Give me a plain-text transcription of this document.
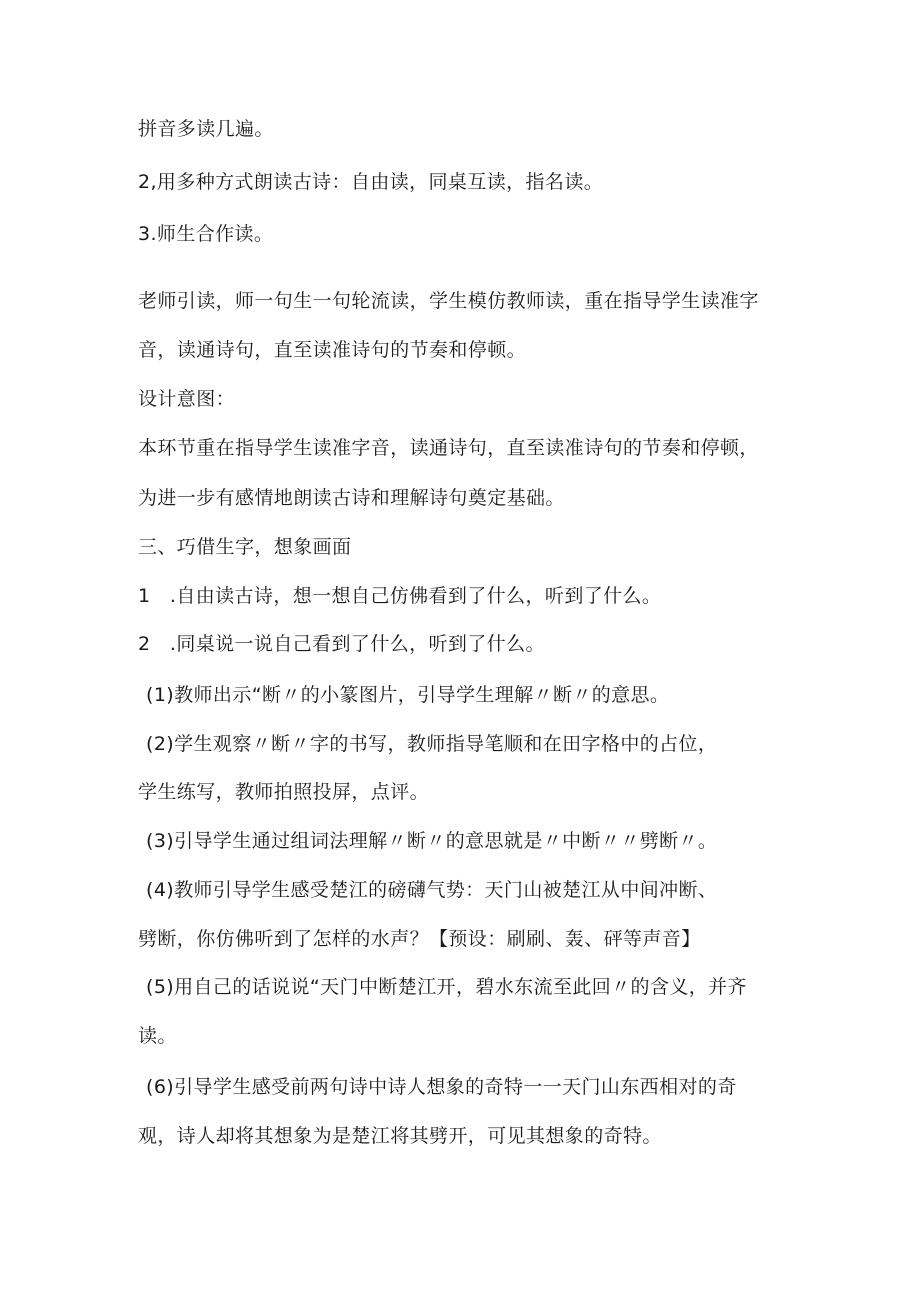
拼音多读几遍。
2,用多种方式朗读古诗：自由读，同桌互读，指名读。
3.师生合作读。
老师引读，师一句生一句轮流读，学生模仿教师读，重在指导学生读准字
音，读通诗句，直至读准诗句的节奏和停顿。
设计意图：
本环节重在指导学生读准字音，读通诗句，直至读准诗句的节奏和停顿，
为进一步有感情地朗读古诗和理解诗句奠定基础。
三、巧借生字，想象画面
1　.自由读古诗，想一想自己仿佛看到了什么，听到了什么。
2　.同桌说一说自己看到了什么，听到了什么。
(1)教师出示“断〃的小篆图片，引导学生理解〃断〃的意思。
(2)学生观察〃断〃字的书写，教师指导笔顺和在田字格中的占位，
学生练写，教师拍照投屏，点评。
(3)引导学生通过组词法理解〃断〃的意思就是〃中断〃〃劈断〃。
(4)教师引导学生感受楚江的磅礴气势：天门山被楚江从中间冲断、
劈断，你仿佛听到了怎样的水声？【预设：刷刷、轰、砰等声音】
(5)用自己的话说说“天门中断楚江开，碧水东流至此回〃的含义，并齐
读。
(6)引导学生感受前两句诗中诗人想象的奇特一一天门山东西相对的奇
观，诗人却将其想象为是楚江将其劈开，可见其想象的奇特。
